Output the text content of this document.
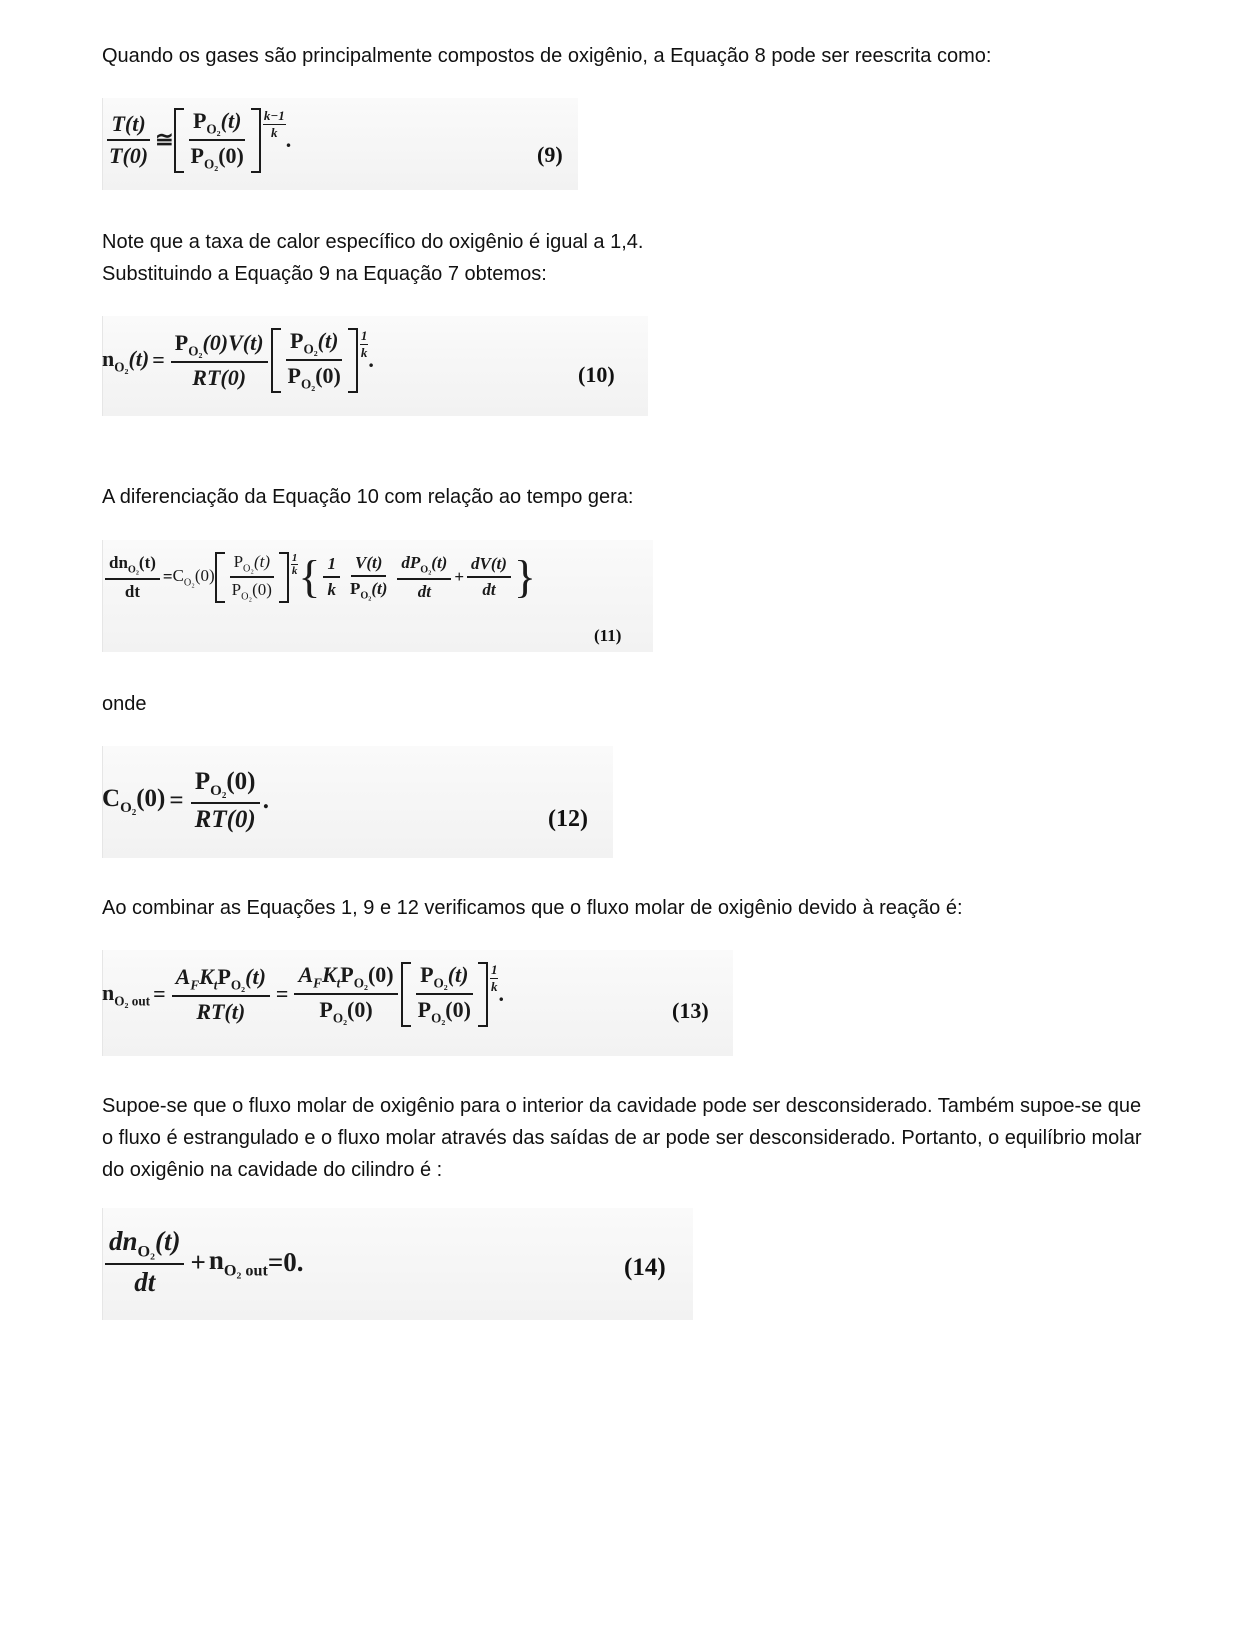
Quando os gases são principalmente compostos de oxigênio, a Equação 8 pode ser reescrita como:

$\frac{T(t)}{T(0)}$ ≅ $\frac{P_{O_2}(t)}{P_{O_2}(0)} \frac{k-1}{k}$ .
(9)

Note que a taxa de calor específico do oxigênio é igual a 1,4.

Substituindo a Equação 9 na Equação 7 obtemos:

$n_{O_2}(t) = \frac{P_{O_2}(0)V(t)}{RT(0)} \frac{P_{O_2}(t)}{P_{O_2}(0)} \frac{1}{k}$ .
(10)

A diferenciação da Equação 10 com relação ao tempo gera:

$\frac{dn_{O_2}(t)}{dt} = C_{O_2}(0) \frac{P_{O_2}(t)}{P_{O_2}(0)} \frac{1}{k}$ { $\frac{1}{k} \frac{V(t)}{P_{O_2}(t)} \frac{dP_{O_2}(t)}{dt} + \frac{dV(t)}{dt}$ }
(11)

onde

$C_{O_2}(0) = \frac{P_{O_2}(0)}{RT(0)}$ .
(12)

Ao combinar as Equações 1, 9 e 12 verificamos que o fluxo molar de oxigênio devido à reação é:

$n_{O_2 out} = \frac{A_FK_tP_{O_2}(t)}{RT(t)} = \frac{A_FK_tP_{O_2}(0)}{P_{O_2}(0)} \frac{P_{O_2}(t)}{P_{O_2}(0)} \frac{1}{k}$ .
(13)

Supoe-se que o fluxo molar de oxigênio para o interior da cavidade pode ser desconsiderado. Também supoe-se que o fluxo é estrangulado e o fluxo molar através das saídas de ar pode ser desconsiderado. Portanto, o equilíbrio molar do oxigênio na cavidade do cilindro é :

$\frac{dn_{O_2}(t)}{dt} + n_{O_2 out} =0$.	(14)
